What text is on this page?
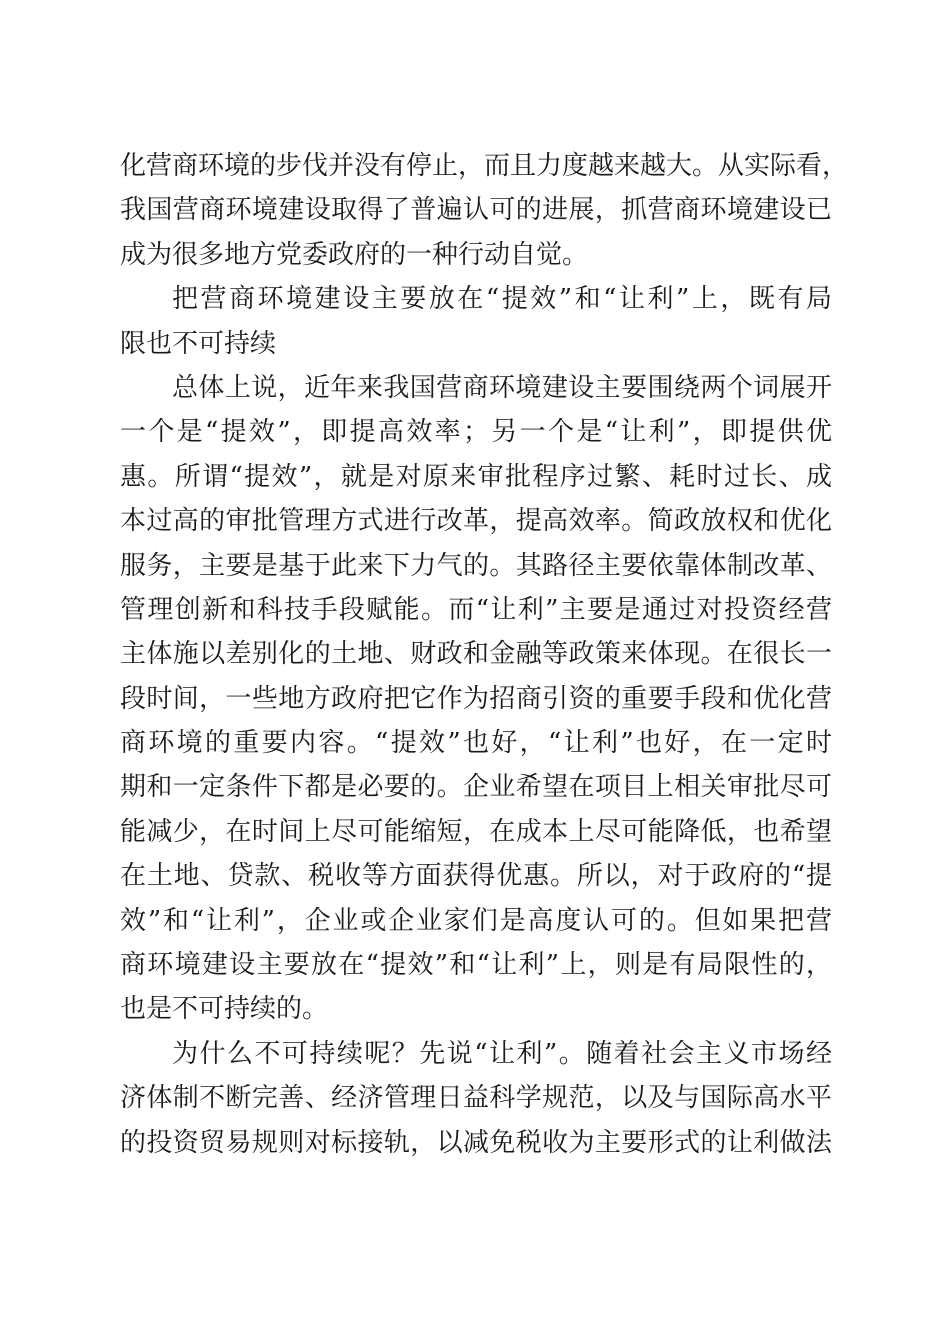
化营商环境的步伐并没有停止，而且力度越来越大。从实际看，
我国营商环境建设取得了普遍认可的进展，抓营商环境建设已
成为很多地方党委政府的一种行动自觉。
把营商环境建设主要放在“提效”和“让利”上，既有局
限也不可持续
总体上说，近年来我国营商环境建设主要围绕两个词展开
一个是“提效”，即提高效率；另一个是“让利”，即提供优
惠。所谓“提效”，就是对原来审批程序过繁、耗时过长、成
本过高的审批管理方式进行改革，提高效率。简政放权和优化
服务，主要是基于此来下力气的。其路径主要依靠体制改革、
管理创新和科技手段赋能。而“让利”主要是通过对投资经营
主体施以差别化的土地、财政和金融等政策来体现。在很长一
段时间，一些地方政府把它作为招商引资的重要手段和优化营
商环境的重要内容。“提效”也好，“让利”也好，在一定时
期和一定条件下都是必要的。企业希望在项目上相关审批尽可
能减少，在时间上尽可能缩短，在成本上尽可能降低，也希望
在土地、贷款、税收等方面获得优惠。所以，对于政府的“提
效”和“让利”，企业或企业家们是高度认可的。但如果把营
商环境建设主要放在“提效”和“让利”上，则是有局限性的，
也是不可持续的。
为什么不可持续呢？先说“让利”。随着社会主义市场经
济体制不断完善、经济管理日益科学规范，以及与国际高水平
的投资贸易规则对标接轨，以减免税收为主要形式的让利做法
